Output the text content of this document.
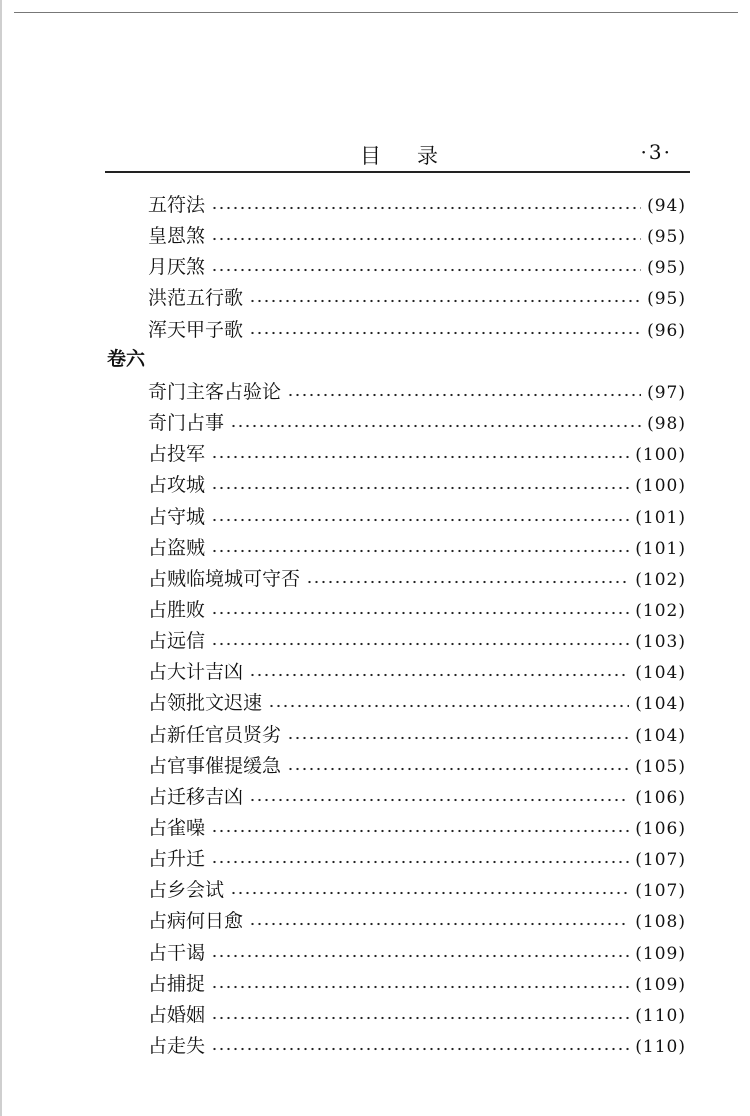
目 录	·3·
五符法	(94)
皇恩煞	(95)
月厌煞	(95)
洪范五行歌	(95)
浑天甲子歌	(96)
卷六
奇门主客占验论	(97)
奇门占事	(98)
占投军	(100)
占攻城	(100)
占守城	(101)
占盗贼	(101)
占贼临境城可守否	(102)
占胜败	(102)
占远信	(103)
占大计吉凶	(104)
占领批文迟速	(104)
占新任官员贤劣	(104)
占官事催提缓急	(105)
占迁移吉凶	(106)
占雀噪	(106)
占升迁	(107)
占乡会试	(107)
占病何日愈	(108)
占干谒	(109)
占捕捉	(109)
占婚姻	(110)
占走失	(110)
